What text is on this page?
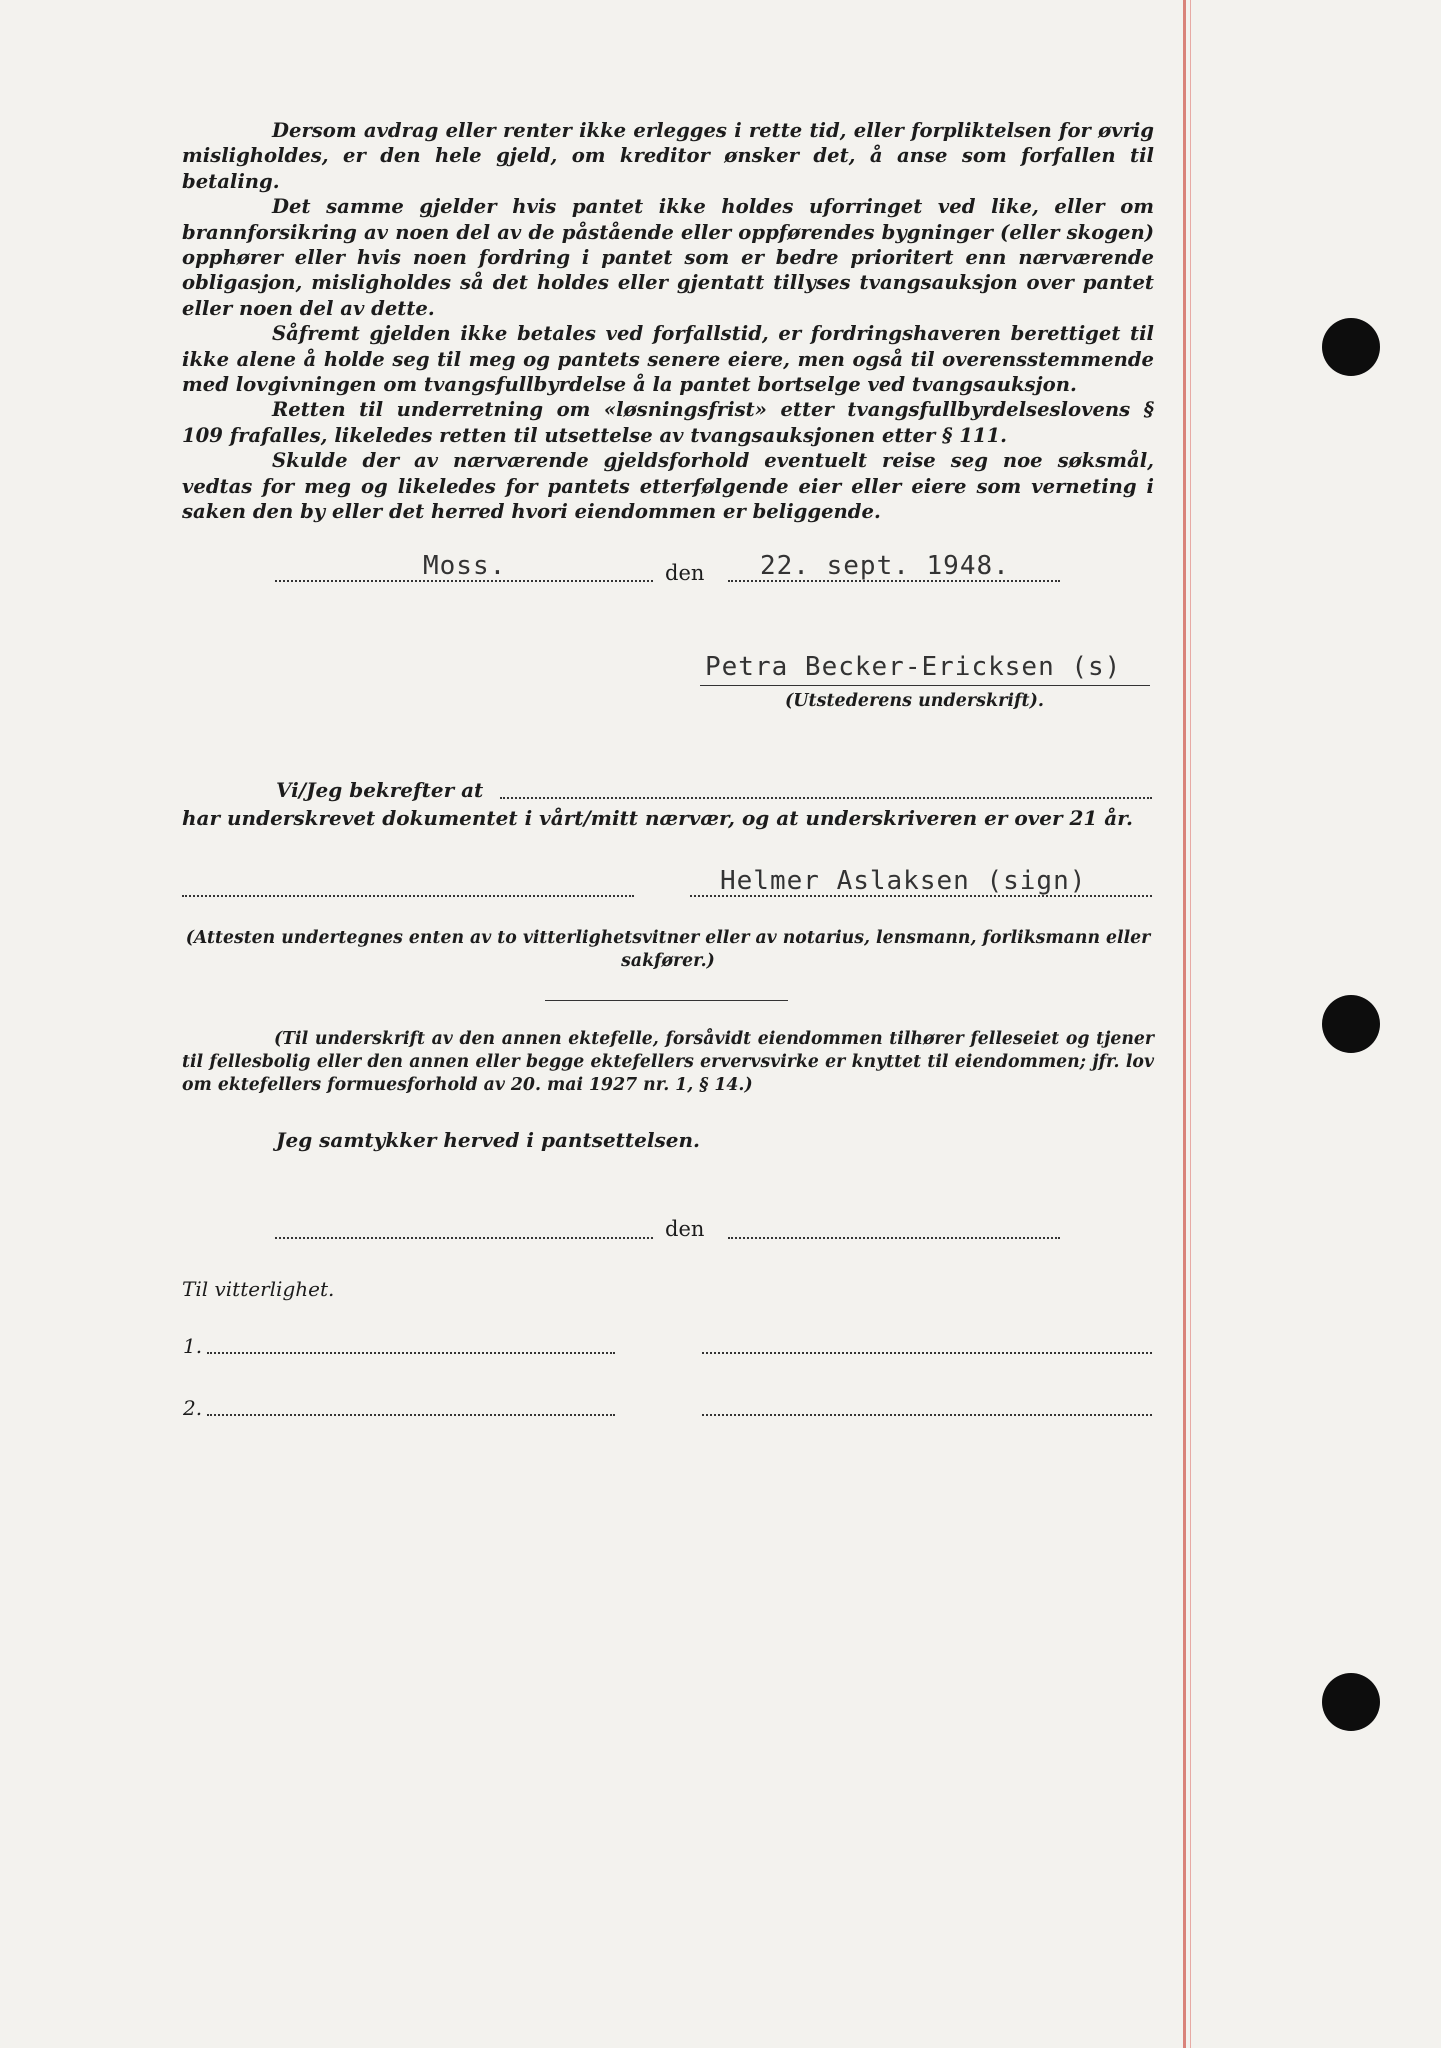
Dersom avdrag eller renter ikke erlegges i rette tid, eller forpliktelsen for øvrig misligholdes, er den hele gjeld, om kreditor ønsker det, å anse som forfallen til betaling.

Det samme gjelder hvis pantet ikke holdes uforringet ved like, eller om brannforsikring av noen del av de påstående eller oppførendes bygninger (eller skogen) opphører eller hvis noen fordring i pantet som er bedre prioritert enn nærværende obligasjon, misligholdes så det holdes eller gjentatt tillyses tvangsauksjon over pantet eller noen del av dette.

Såfremt gjelden ikke betales ved forfallstid, er fordringshaveren berettiget til ikke alene å holde seg til meg og pantets senere eiere, men også til overensstemmende med lovgivningen om tvangsfullbyrdelse å la pantet bortselge ved tvangsauksjon.

Retten til underretning om «løsningsfrist» etter tvangsfullbyrdelseslovens § 109 frafalles, likeledes retten til utsettelse av tvangsauksjonen etter § 111.

Skulde der av nærværende gjeldsforhold eventuelt reise seg noe søksmål, vedtas for meg og likeledes for pantets etterfølgende eier eller eiere som verneting i saken den by eller det herred hvori eiendommen er beliggende.

Moss.	den 22. sept. 1948.
Petra Becker-Ericksen (s)
(Utstederens underskrift).
Vi/Jeg bekrefter at
har underskrevet dokumentet i vårt/mitt nærvær, og at underskriveren er over 21 år.
Helmer Aslaksen (sign)
(Attesten undertegnes enten av to vitterlighetsvitner eller av notarius, lensmann, forliksmann eller sakfører.)
(Til underskrift av den annen ektefelle, forsåvidt eiendommen tilhører felleseiet og tjener til fellesbolig eller den annen eller begge ektefellers ervervsvirke er knyttet til eiendommen; jfr. lov om ektefellers formuesforhold av 20. mai 1927 nr. 1, § 14.)
Jeg samtykker herved i pantsettelsen.
den
Til vitterlighet.
1.
2.
